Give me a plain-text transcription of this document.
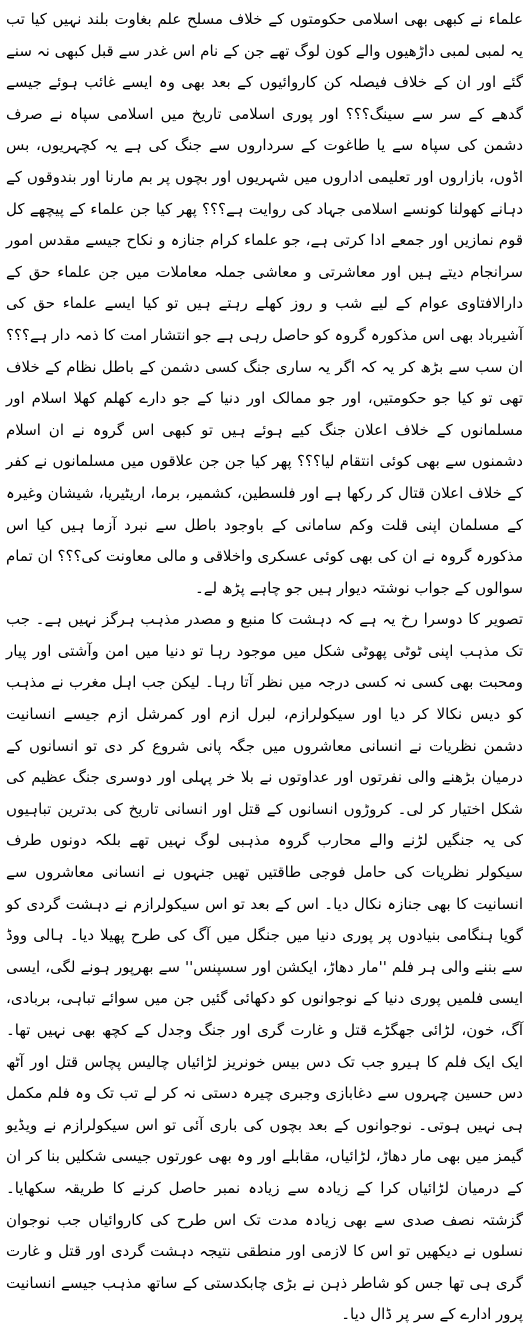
علماء نے کبھی بھی اسلامی حکومتوں کے خلاف مسلح علم بغاوت بلند نہیں کیا تب یہ لمبی لمبی داڑھیوں والے کون لوگ تھے جن کے نام اس غدر سے قبل کبھی نہ سنے گئے اور ان کے خلاف فیصلہ کن کاروائیوں کے بعد بھی وہ ایسے غائب ہوئے جیسے گدھے کے سر سے سینگ؟؟؟ اور پوری اسلامی تاریخ میں اسلامی سپاہ نے صرف دشمن کی سپاہ سے یا طاغوت کے سرداروں سے جنگ کی ہے یہ کچہریوں، بس اڈوں، بازاروں اور تعلیمی اداروں میں شہریوں اور بچوں پر بم مارنا اور بندوقوں کے دہانے کھولنا کونسے اسلامی جہاد کی روایت ہے؟؟؟ پھر کیا جن علماء کے پیچھے کل قوم نمازیں اور جمعے ادا کرتی ہے، جو علماء کرام جنازہ و نکاح جیسے مقدس امور سرانجام دیتے ہیں اور معاشرتی و معاشی جملہ معاملات میں جن علماء حق کے دارالافتاوی عوام کے لیے شب و روز کھلے رہتے ہیں تو کیا ایسے علماء حق کی آشیرباد بھی اس مذکورہ گروہ کو حاصل رہی ہے جو انتشار امت کا ذمہ دار ہے؟؟؟ ان سب سے بڑھ کر یہ کہ اگر یہ ساری جنگ کسی دشمن کے باطل نظام کے خلاف تھی تو کیا جو حکومتیں، اور جو ممالک اور دنیا کے جو دارے کھلم کھلا اسلام اور مسلمانوں کے خلاف اعلان جنگ کیے ہوئے ہیں تو کبھی اس گروہ نے ان اسلام دشمنوں سے بھی کوئی انتقام لیا؟؟؟ پھر کیا جن جن علاقوں میں مسلمانوں نے کفر کے خلاف اعلان قتال کر رکھا ہے اور فلسطین، کشمیر، برما، اریٹیریا، شیشان وغیرہ کے مسلمان اپنی قلت وکم سامانی کے باوجود باطل سے نبرد آزما ہیں کیا اس مذکورہ گروہ نے ان کی بھی کوئی عسکری واخلاقی و مالی معاونت کی؟؟؟ ان تمام سوالوں کے جواب نوشتہ دیوار ہیں جو چاہے پڑھ لے۔

تصویر کا دوسرا رخ یہ ہے کہ دہشت کا منبع و مصدر مذہب ہرگز نہیں ہے۔ جب تک مذہب اپنی ٹوٹی پھوٹی شکل میں موجود رہا تو دنیا میں امن وآشتی اور پیار ومحبت بھی کسی نہ کسی درجہ میں نظر آتا رہا۔ لیکن جب اہل مغرب نے مذہب کو دیس نکالا کر دیا اور سیکولرازم، لبرل ازم اور کمرشل ازم جیسے انسانیت دشمن نظریات نے انسانی معاشروں میں جگہ پانی شروع کر دی تو انسانوں کے درمیان بڑھنے والی نفرتوں اور عداوتوں نے بلا خر پہلی اور دوسری جنگ عظیم کی شکل اختیار کر لی۔ کروڑوں انسانوں کے قتل اور انسانی تاریخ کی بدترین تباہیوں کی یہ جنگیں لڑنے والے محارب گروہ مذہبی لوگ نہیں تھے بلکہ دونوں طرف سیکولر نظریات کی حامل فوجی طاقتیں تھیں جنہوں نے انسانی معاشروں سے انسانیت کا بھی جنازہ نکال دیا۔ اس کے بعد تو اس سیکولرازم نے دہشت گردی کو گویا ہنگامی بنیادوں پر پوری دنیا میں جنگل میں آگ کی طرح پھیلا دیا۔ ہالی ووڈ سے بننے والی ہر فلم ''مار دھاڑ، ایکشن اور سسپنس'' سے بھرپور ہونے لگی، ایسی ایسی فلمیں پوری دنیا کے نوجوانوں کو دکھائی گئیں جن میں سوائے تباہی، بربادی، آگ، خون، لڑائی جھگڑے قتل و غارت گری اور جنگ وجدل کے کچھ بھی نہیں تھا۔ ایک ایک فلم کا ہیرو جب تک دس بیس خونریز لڑائیاں چالیس پچاس قتل اور آٹھ دس حسین چہروں سے دغابازی وجبری چیرہ دستی نہ کر لے تب تک وہ فلم مکمل ہی نہیں ہوتی۔ نوجوانوں کے بعد بچوں کی باری آئی تو اس سیکولرازم نے ویڈیو گیمز میں بھی مار دھاڑ، لڑائیاں، مقابلے اور وہ بھی عورتوں جیسی شکلیں بنا کر ان کے درمیان لڑائیاں کرا کے زیادہ سے زیادہ نمبر حاصل کرنے کا طریقہ سکھایا۔ گزشتہ نصف صدی سے بھی زیادہ مدت تک اس طرح کی کاروائیاں جب نوجوان نسلوں نے دیکھیں تو اس کا لازمی اور منطقی نتیجہ دہشت گردی اور قتل و غارت گری ہی تھا جس کو شاطر ذہن نے بڑی چابکدستی کے ساتھ مذہب جیسے انسانیت پرور ادارے کے سر پر ڈال دیا۔
